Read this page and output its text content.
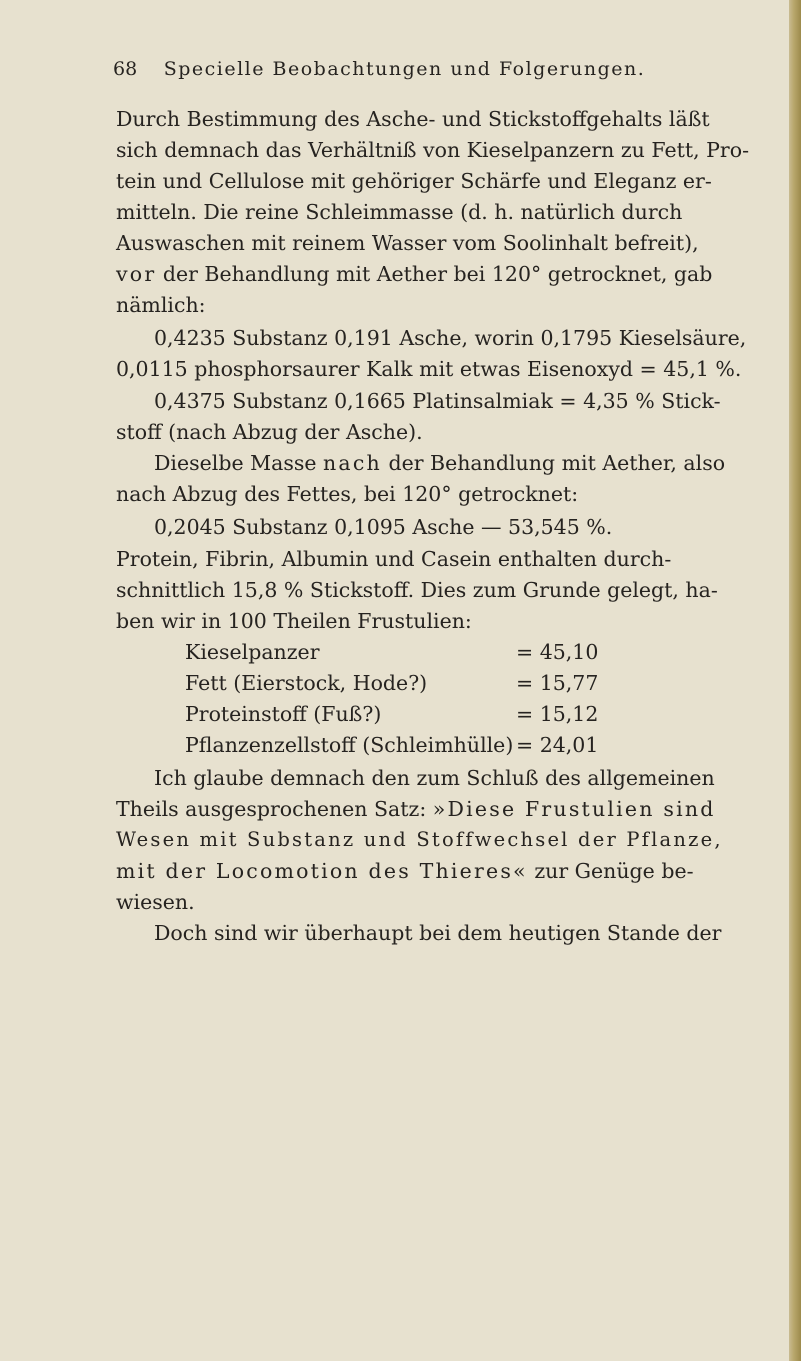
68	Specielle Beobachtungen und Folgerungen.
Durch Bestimmung des Asche- und Stickstoffgehalts läßt
sich demnach das Verhältniß von Kieselpanzern zu Fett, Pro-
tein und Cellulose mit gehöriger Schärfe und Eleganz er-
mitteln. Die reine Schleimmasse (d. h. natürlich durch
Auswaschen mit reinem Wasser vom Soolinhalt befreit),
vor der Behandlung mit Aether bei 120° getrocknet, gab
nämlich:
0,4235 Substanz 0,191 Asche, worin 0,1795 Kieselsäure,
0,0115 phosphorsaurer Kalk mit etwas Eisenoxyd = 45,1 %.
0,4375 Substanz 0,1665 Platinsalmiak = 4,35 % Stick-
stoff (nach Abzug der Asche).
Dieselbe Masse nach der Behandlung mit Aether, also
nach Abzug des Fettes, bei 120° getrocknet:
0,2045 Substanz 0,1095 Asche — 53,545 %.
Protein, Fibrin, Albumin und Casein enthalten durch-
schnittlich 15,8 % Stickstoff. Dies zum Grunde gelegt, ha-
ben wir in 100 Theilen Frustulien:
Kieselpanzer	= 45,10
Fett (Eierstock, Hode?)	= 15,77
Proteinstoff (Fuß?)	= 15,12
Pflanzenzellstoff (Schleimhülle) = 24,01
Ich glaube demnach den zum Schluß des allgemeinen
Theils ausgesprochenen Satz: »Diese Frustulien sind
Wesen mit Substanz und Stoffwechsel der Pflanze,
mit der Locomotion des Thieres« zur Genüge be-
wiesen.
Doch sind wir überhaupt bei dem heutigen Stande der
